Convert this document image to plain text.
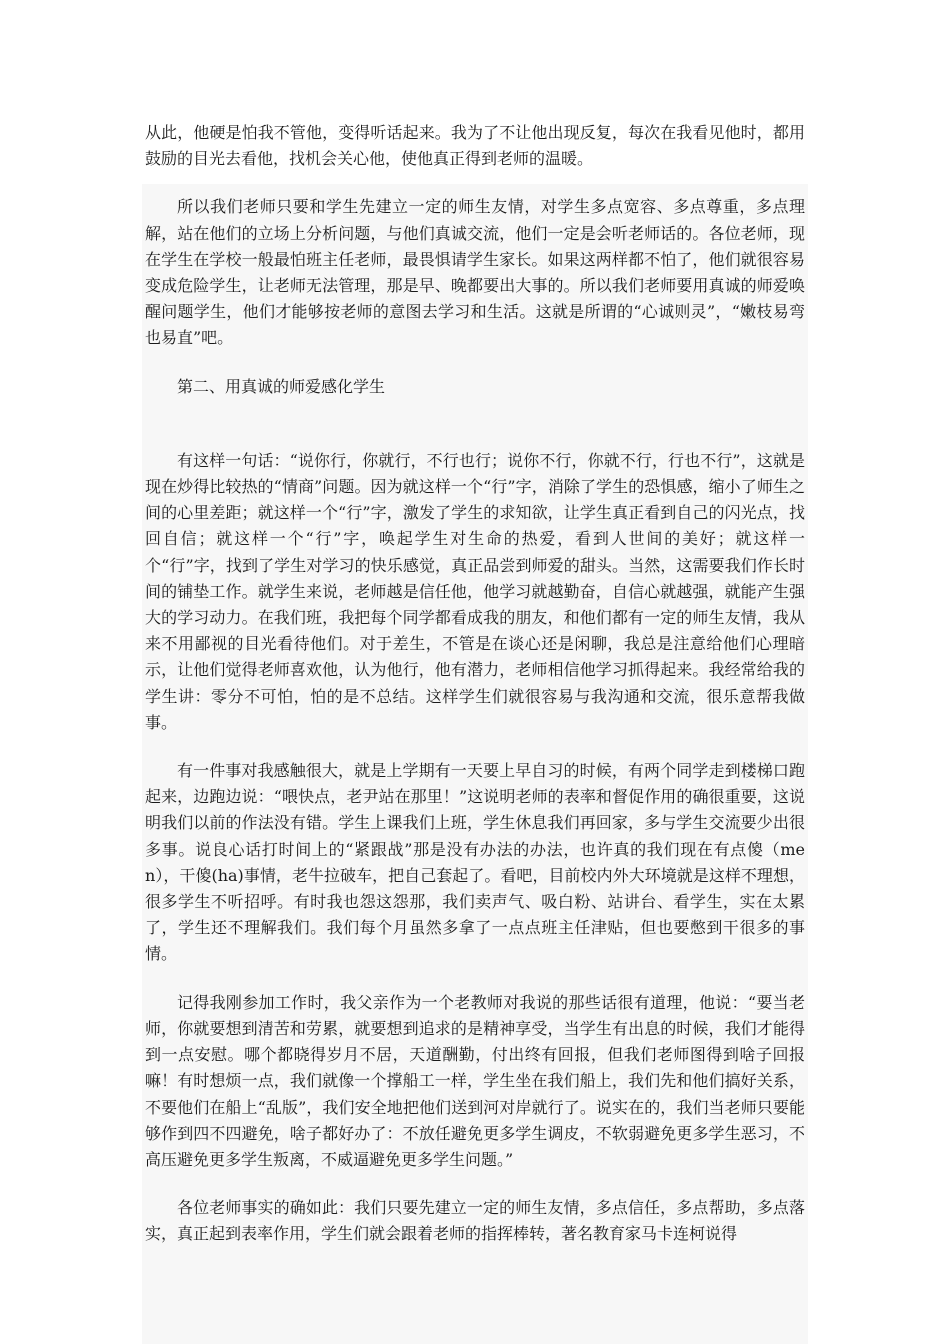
从此，他硬是怕我不管他，变得听话起来。我为了不让他出现反复，每次在我看见他时，都用鼓励的目光去看他，找机会关心他，使他真正得到老师的温暖。

所以我们老师只要和学生先建立一定的师生友情，对学生多点宽容、多点尊重，多点理解，站在他们的立场上分析问题，与他们真诚交流，他们一定是会听老师话的。各位老师，现在学生在学校一般最怕班主任老师，最畏惧请学生家长。如果这两样都不怕了，他们就很容易变成危险学生，让老师无法管理，那是早、晚都要出大事的。所以我们老师要用真诚的师爱唤醒问题学生，他们才能够按老师的意图去学习和生活。这就是所谓的“心诚则灵”，“嫩枝易弯也易直”吧。

第二、用真诚的师爱感化学生

有这样一句话：“说你行，你就行，不行也行；说你不行，你就不行，行也不行”，这就是现在炒得比较热的“情商”问题。因为就这样一个“行”字，消除了学生的恐惧感，缩小了师生之间的心里差距；就这样一个“行”字，激发了学生的求知欲，让学生真正看到自己的闪光点，找回自信；就这样一个“行”字，唤起学生对生命的热爱，看到人世间的美好；就这样一个“行”字，找到了学生对学习的快乐感觉，真正品尝到师爱的甜头。当然，这需要我们作长时间的铺垫工作。就学生来说，老师越是信任他，他学习就越勤奋，自信心就越强，就能产生强大的学习动力。在我们班，我把每个同学都看成我的朋友，和他们都有一定的师生友情，我从来不用鄙视的目光看待他们。对于差生，不管是在谈心还是闲聊，我总是注意给他们心理暗示，让他们觉得老师喜欢他，认为他行，他有潜力，老师相信他学习抓得起来。我经常给我的学生讲：零分不可怕，怕的是不总结。这样学生们就很容易与我沟通和交流，很乐意帮我做事。

有一件事对我感触很大，就是上学期有一天要上早自习的时候，有两个同学走到楼梯口跑起来，边跑边说：“喂快点，老尹站在那里！”这说明老师的表率和督促作用的确很重要，这说明我们以前的作法没有错。学生上课我们上班，学生休息我们再回家，多与学生交流要少出很多事。说良心话打时间上的“紧跟战”那是没有办法的办法，也许真的我们现在有点傻（men），干傻(ha)事情，老牛拉破车，把自己套起了。看吧，目前校内外大环境就是这样不理想，很多学生不听招呼。有时我也怨这怨那，我们卖声气、吸白粉、站讲台、看学生，实在太累了，学生还不理解我们。我们每个月虽然多拿了一点点班主任津贴，但也要憋到干很多的事情。

记得我刚参加工作时，我父亲作为一个老教师对我说的那些话很有道理，他说：“要当老师，你就要想到清苦和劳累，就要想到追求的是精神享受，当学生有出息的时候，我们才能得到一点安慰。哪个都晓得岁月不居，天道酬勤，付出终有回报，但我们老师图得到啥子回报嘛！有时想烦一点，我们就像一个撑船工一样，学生坐在我们船上，我们先和他们搞好关系，不要他们在船上“乱版”，我们安全地把他们送到河对岸就行了。说实在的，我们当老师只要能够作到四不四避免，啥子都好办了：不放任避免更多学生调皮，不软弱避免更多学生恶习，不高压避免更多学生叛离，不威逼避免更多学生问题。”

各位老师事实的确如此：我们只要先建立一定的师生友情，多点信任，多点帮助，多点落实，真正起到表率作用，学生们就会跟着老师的指挥棒转，著名教育家马卡连柯说得
